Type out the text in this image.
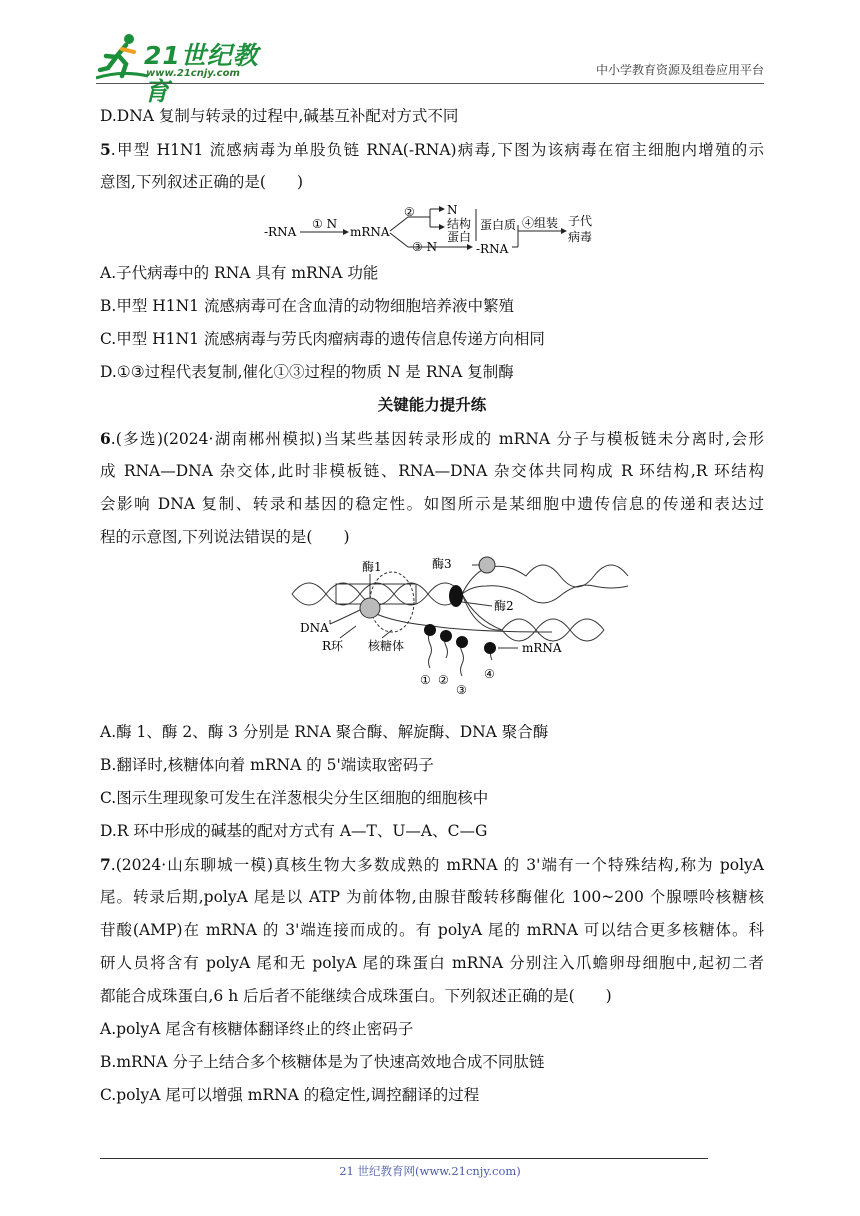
21世纪教育
www.21cnjy.com	中小学教育资源及组卷应用平台
D.DNA 复制与转录的过程中,碱基互补配对方式不同
5.甲型 H1N1 流感病毒为单股负链 RNA(-RNA)病毒,下图为该病毒在宿主细胞内增殖的示
意图,下列叙述正确的是(　　)
-RNA
① N
mRNA
②	N
结构
蛋白
蛋白质
③ N	-RNA
④组装 子代
病毒
A.子代病毒中的 RNA 具有 mRNA 功能
B.甲型 H1N1 流感病毒可在含血清的动物细胞培养液中繁殖
C.甲型 H1N1 流感病毒与劳氏肉瘤病毒的遗传信息传递方向相同
D.①③过程代表复制,催化①③过程的物质 N 是 RNA 复制酶
关键能力提升练
6.(多选)(2024·湖南郴州模拟)当某些基因转录形成的 mRNA 分子与模板链未分离时,会形
成 RNA—DNA 杂交体,此时非模板链、RNA—DNA 杂交体共同构成 R 环结构,R 环结构
会影响 DNA 复制、转录和基因的稳定性。如图所示是某细胞中遗传信息的传递和表达过
程的示意图,下列说法错误的是(　　)
酶1	酶3
酶2
DNA
R环 核糖体	mRNA
① ②
③
④
A.酶 1、酶 2、酶 3 分别是 RNA 聚合酶、解旋酶、DNA 聚合酶
B.翻译时,核糖体向着 mRNA 的 5'端读取密码子
C.图示生理现象可发生在洋葱根尖分生区细胞的细胞核中
D.R 环中形成的碱基的配对方式有 A—T、U—A、C—G
7.(2024·山东聊城一模)真核生物大多数成熟的 mRNA 的 3'端有一个特殊结构,称为 polyA
尾。转录后期,polyA 尾是以 ATP 为前体物,由腺苷酸转移酶催化 100~200 个腺嘌呤核糖核
苷酸(AMP)在 mRNA 的 3'端连接而成的。有 polyA 尾的 mRNA 可以结合更多核糖体。科
研人员将含有 polyA 尾和无 polyA 尾的珠蛋白 mRNA 分别注入爪蟾卵母细胞中,起初二者
都能合成珠蛋白,6 h 后后者不能继续合成珠蛋白。下列叙述正确的是(　　)
A.polyA 尾含有核糖体翻译终止的终止密码子
B.mRNA 分子上结合多个核糖体是为了快速高效地合成不同肽链
C.polyA 尾可以增强 mRNA 的稳定性,调控翻译的过程
21 世纪教育网(www.21cnjy.com)
